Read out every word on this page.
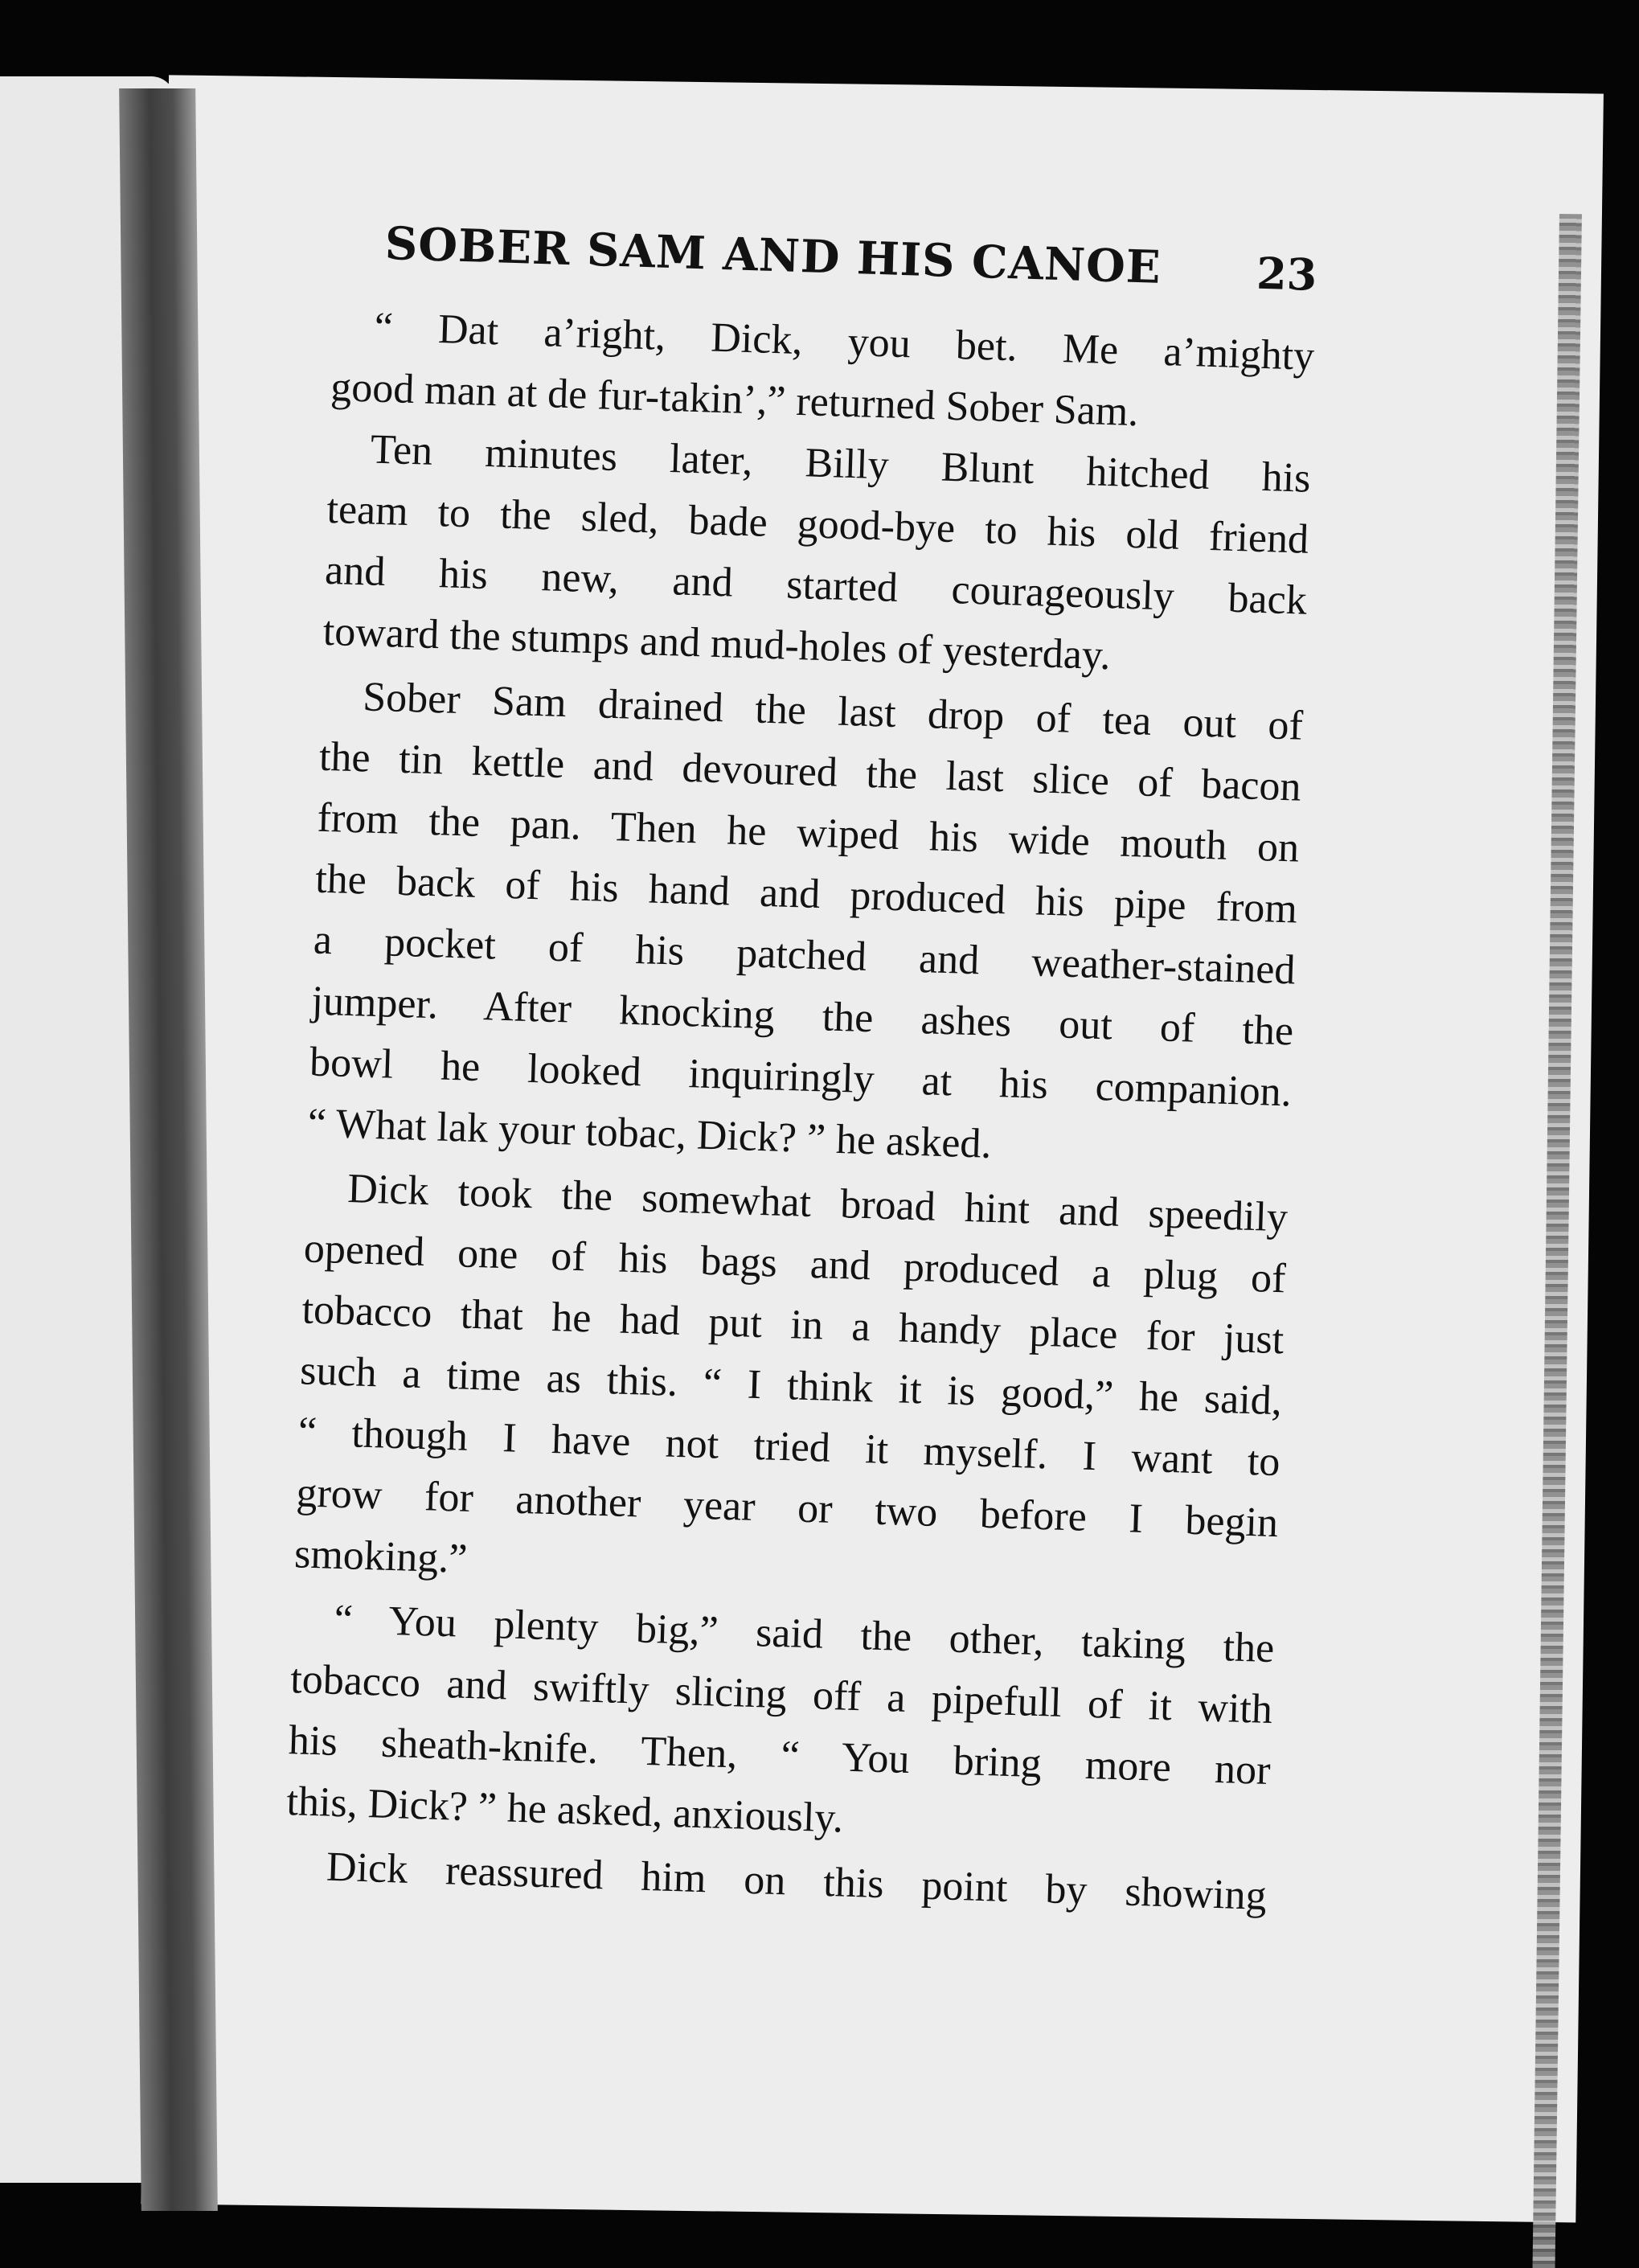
SOBER SAM AND HIS CANOE 23
“ Dat a’right, Dick, you bet. Me a’mighty
good man at de fur-takin’,” returned Sober Sam.
Ten minutes later, Billy Blunt hitched his
team to the sled, bade good-bye to his old friend
and his new, and started courageously back
toward the stumps and mud-holes of yesterday.
Sober Sam drained the last drop of tea out of
the tin kettle and devoured the last slice of bacon
from the pan. Then he wiped his wide mouth on
the back of his hand and produced his pipe from
a pocket of his patched and weather-stained
jumper. After knocking the ashes out of the
bowl he looked inquiringly at his companion.
“ What lak your tobac, Dick? ” he asked.
Dick took the somewhat broad hint and speedily
opened one of his bags and produced a plug of
tobacco that he had put in a handy place for just
such a time as this. “ I think it is good,” he said,
“ though I have not tried it myself. I want to
grow for another year or two before I begin
smoking.”
“ You plenty big,” said the other, taking the
tobacco and swiftly slicing off a pipefull of it with
his sheath-knife. Then, “ You bring more nor
this, Dick? ” he asked, anxiously.
Dick reassured him on this point by showing
